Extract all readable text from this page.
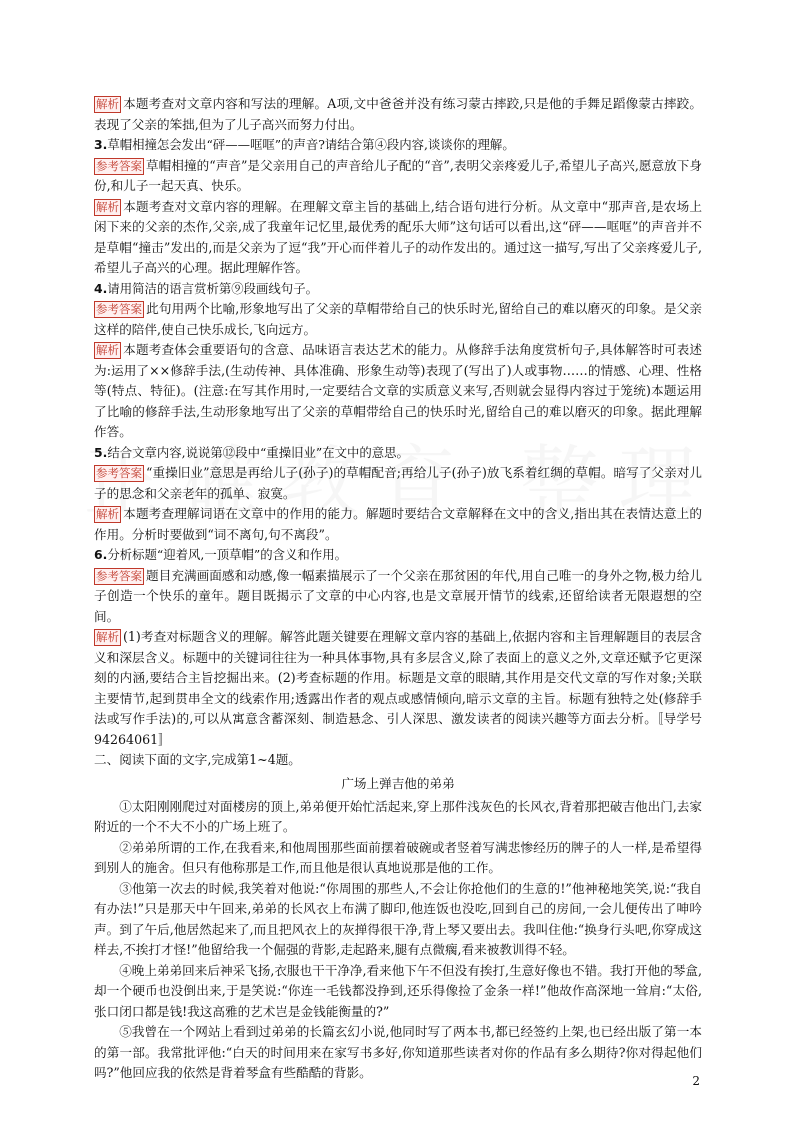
解析 本题考查对文章内容和写法的理解。A项,文中爸爸并没有练习蒙古摔跤,只是他的手舞足蹈像蒙古摔跤。表现了父亲的笨拙,但为了儿子高兴而努力付出。

3.草帽相撞怎会发出“砰——哐哐”的声音?请结合第④段内容,谈谈你的理解。

参考答案 草帽相撞的“声音”是父亲用自己的声音给儿子配的“音”,表明父亲疼爱儿子,希望儿子高兴,愿意放下身份,和儿子一起天真、快乐。

解析 本题考查对文章内容的理解。在理解文章主旨的基础上,结合语句进行分析。从文章中“那声音,是农场上闲下来的父亲的杰作,父亲,成了我童年记忆里,最优秀的配乐大师”这句话可以看出,这“砰——哐哐”的声音并不是草帽“撞击”发出的,而是父亲为了逗“我”开心而伴着儿子的动作发出的。通过这一描写,写出了父亲疼爱儿子,希望儿子高兴的心理。据此理解作答。

4.请用简洁的语言赏析第⑨段画线句子。

参考答案 此句用两个比喻,形象地写出了父亲的草帽带给自己的快乐时光,留给自己的难以磨灭的印象。是父亲这样的陪伴,使自己快乐成长,飞向远方。

解析 本题考查体会重要语句的含意、品味语言表达艺术的能力。从修辞手法角度赏析句子,具体解答时可表述为:运用了××修辞手法,(生动传神、具体准确、形象生动等)表现了(写出了)人或事物……的情感、心理、性格等(特点、特征)。(注意:在写其作用时,一定要结合文章的实质意义来写,否则就会显得内容过于笼统)本题运用了比喻的修辞手法,生动形象地写出了父亲的草帽带给自己的快乐时光,留给自己的难以磨灭的印象。据此理解作答。

5.结合文章内容,说说第⑫段中“重操旧业”在文中的意思。

参考答案 “重操旧业”意思是再给儿子(孙子)的草帽配音;再给儿子(孙子)放飞系着红绸的草帽。暗写了父亲对儿子的思念和父亲老年的孤单、寂寞。

解析 本题考查理解词语在文章中的作用的能力。解题时要结合文章解释在文中的含义,指出其在表情达意上的作用。分析时要做到“词不离句,句不离段”。

6.分析标题“迎着风,一顶草帽”的含义和作用。

参考答案 题目充满画面感和动感,像一幅素描展示了一个父亲在那贫困的年代,用自己唯一的身外之物,极力给儿子创造一个快乐的童年。题目既揭示了文章的中心内容,也是文章展开情节的线索,还留给读者无限遐想的空间。

解析 (1)考查对标题含义的理解。解答此题关键要在理解文章内容的基础上,依据内容和主旨理解题目的表层含义和深层含义。标题中的关键词往往为一种具体事物,具有多层含义,除了表面上的意义之外,文章还赋予它更深刻的内涵,要结合主旨挖掘出来。(2)考查标题的作用。标题是文章的眼睛,其作用是交代文章的写作对象;关联主要情节,起到贯串全文的线索作用;透露出作者的观点或感情倾向,暗示文章的主旨。标题有独特之处(修辞手法或写作手法)的,可以从寓意含蓄深刻、制造悬念、引人深思、激发读者的阅读兴趣等方面去分析。〚导学号94264061〛

二、阅读下面的文字,完成第1~4题。

广场上弹吉他的弟弟

①太阳刚刚爬过对面楼房的顶上,弟弟便开始忙活起来,穿上那件浅灰色的长风衣,背着那把破吉他出门,去家附近的一个不大不小的广场上班了。

②弟弟所谓的工作,在我看来,和他周围那些面前摆着破碗或者竖着写满悲惨经历的牌子的人一样,是希望得到别人的施舍。但只有他称那是工作,而且他是很认真地说那是他的工作。

③他第一次去的时候,我笑着对他说:“你周围的那些人,不会让你抢他们的生意的!”他神秘地笑笑,说:“我自有办法!”只是那天中午回来,弟弟的长风衣上布满了脚印,他连饭也没吃,回到自己的房间,一会儿便传出了呻吟声。到了午后,他居然起来了,而且把风衣上的灰掸得很干净,背上琴又要出去。我叫住他:“换身行头吧,你穿成这样去,不挨打才怪!”他留给我一个倔强的背影,走起路来,腿有点微瘸,看来被教训得不轻。

④晚上弟弟回来后神采飞扬,衣服也干干净净,看来他下午不但没有挨打,生意好像也不错。我打开他的琴盒,却一个硬币也没倒出来,于是笑说:“你连一毛钱都没挣到,还乐得像捡了金条一样!”他故作高深地一耸肩:“太俗,张口闭口都是钱!我这高雅的艺术岂是金钱能衡量的?”

⑤我曾在一个网站上看到过弟弟的长篇玄幻小说,他同时写了两本书,都已经签约上架,也已经出版了第一本的第一部。我常批评他:“白天的时间用来在家写书多好,你知道那些读者对你的作品有多么期待?你对得起他们吗?”他回应我的依然是背着琴盒有些酷酷的背影。

2
